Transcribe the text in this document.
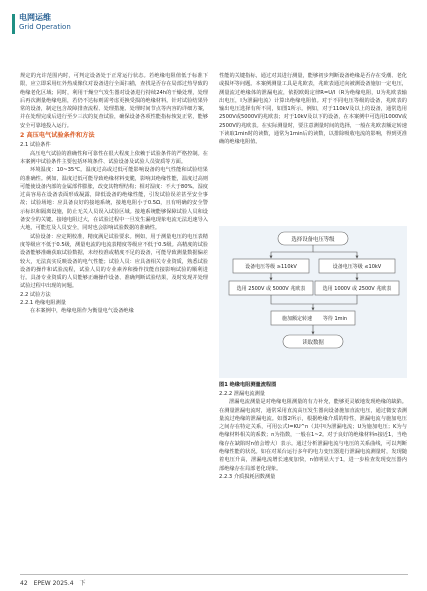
电网运维
Grid Operation

规定的允许范围内时，可判定设备处于正常运行状态。若绝缘电阻值低于标准下限，应立即采用红外热成像仪对设备进行全面扫描，查找是否存在局部过热导致的绝缘老化区域；同时，利用干燥空气发生器对设备进行持续24h的干燥处理，处理后再次测量绝缘电阻，若仍不达标则需考虑更换受损的绝缘材料。针对试验结果异常的设备，制定包含故障排查流程、处理措施、处理时间节点等内容的详细方案，并在处理完成后进行至少三次的复查试验，确保设备各项性能指标恢复正常，能够安全可靠地投入运行。

2 高压电气试验条件和方法

2.1 试验条件

高压电气试验的准确性和可靠性在很大程度上依赖于试验条件的严格控制。在本案例中试验条件主要包括环境条件、试验设备及试验人员资质等方面。

环境温度：10~35℃。温度过高或过低可能影响设备的电气性能和试验结果的准确性。例如，温度过低可能导致绝缘材料变脆，影响其绝缘性能，温度过高则可能使设备内部的金属部件膨胀，改变其物理结构；相对湿度：不大于80%。湿度过高容易在设备表面形成凝露，降低设备的绝缘性能，引发试验误差甚至安全事故；试验场地：应具备良好的接地系统，接地电阻小于0.5Ω，且有明确的安全警示标识和隔离设施，防止无关人员误入试验区域。接地系统能够保障试验人员和设备安全的关键。接地电阻过大，在试验过程中一旦发生漏电现象电流无法迅速导入大地，可能危及人员安全，同时也会影响试验数据的准确性。

试验设备：应定期校准，精度满足试验要求。例如，用于测量电压的电压表精度等级应不低于0.5级，测量电流的电流表精度等级应不低于0.5级。高精度的试验设备能够准确获取试验数据，未经校准或精度不足的设备，可能导致测量数据偏差较大，无法真实反映设备的电气性能；试验人员：应具备相关专业资质，熟悉试验设备的操作和试验流程，试验人员的专业素养和操作技能直接影响试验的顺利进行。具备专业资质的人员能够正确操作设备、准确判断试验结果，及时发现并处理试验过程中出现的问题。

2.2 试验方法

2.2.1 绝缘电阻测量

在本案例中，绝缘电阻作为衡量电气设备绝缘

性能的关键指标，通过对其进行测量，能够初步判断设备绝缘是否存在受潮、老化或损坏等问题。本案例测量工具是兆欧表，兆欧表通过向被测设备施加一定电压，测量流过绝缘体的泄漏电流，依据欧姆定律R=U/I（R为绝缘电阻，U为兆欧表输出电压，I为泄漏电流）计算出绝缘电阻值。对于不同电压等级的设备，兆欧表的输出电压选择有所不同，如图1所示。例如，对于110kV及以上的设备，通常选用2500V或5000V的兆欧表；对于10kV及以下的设备，在本案例中可选用1000V或2500V的兆欧表。在实际测量时，要注意测量时间的选择，一般在兆欧表额定转速下读取1min时的读数，通常为1min后的读数，以排除吸收电流的影响，得到更准确的绝缘电阻值。

选择设备电压等级
设备电压等级 ≥110kV	设备电压等级 ≤10kV
选用 2500V 或 5000V 兆欧表	选用 1000V 或 2500V 兆欧表
施加额定转速 等待 1min
读取数据
图1 绝缘电阻测量流程图

2.2.2 泄漏电流测量

泄漏电流测量是对绝缘电阻测量的有力补充，能够更灵敏地发现绝缘的缺陷。在测量泄漏电流时，通常采用直流高压发生器向设备施加直流电压，通过微安表测量流过绝缘的泄漏电流。如图2所示，根据绝缘介质的特性，泄漏电流与施加电压之间存在特定关系，可用公式I=KU^n（其中I为泄漏电流；U为施加电压；K为与绝缘材料相关的系数；n为指数，一般在1~2。对于良好的绝缘材料n接近1，当绝缘存在缺陷时n值会增大）表示。通过分析泄漏电流与电压的关系曲线，可以判断绝缘性能的状况。如在对某台运行多年的电力变压器进行泄漏电流测量时，发现随着电压升高，泄漏电流增长速度加快，n值明显大于1，进一步检查发现变压器内部绝缘存在局部老化现象。

2.2.3 介质损耗因数测量

42 EPEW 2025.4 下
